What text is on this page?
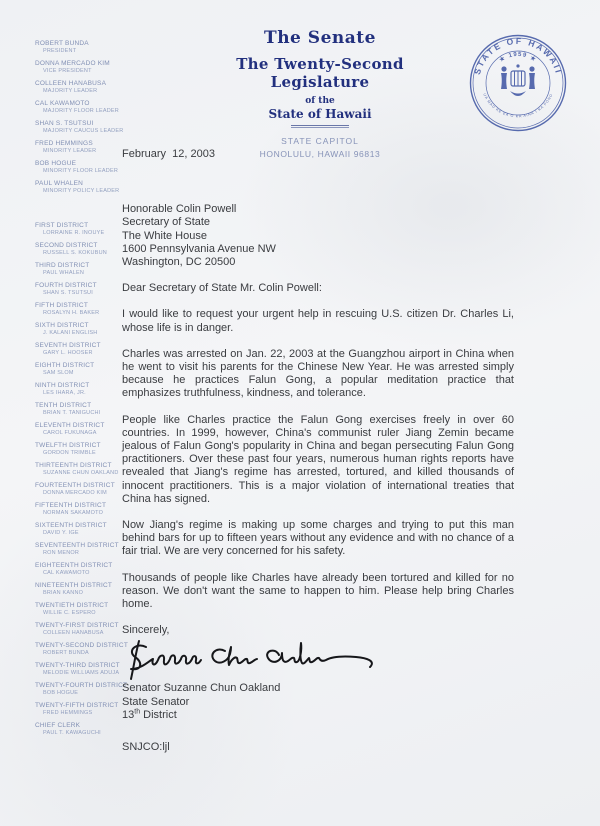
ROBERT BUNDA
PRESIDENT
DONNA MERCADO KIM
VICE PRESIDENT
COLLEEN HANABUSA
MAJORITY LEADER
CAL KAWAMOTO
MAJORITY FLOOR LEADER
SHAN S. TSUTSUI
MAJORITY CAUCUS LEADER
FRED HEMMINGS
MINORITY LEADER
BOB HOGUE
MINORITY FLOOR LEADER
PAUL WHALEN
MINORITY POLICY LEADER
FIRST DISTRICT
LORRAINE R. INOUYE
SECOND DISTRICT
RUSSELL S. KOKUBUN
THIRD DISTRICT
PAUL WHALEN
FOURTH DISTRICT
SHAN S. TSUTSUI
FIFTH DISTRICT
ROSALYN H. BAKER
SIXTH DISTRICT
J. KALANI ENGLISH
SEVENTH DISTRICT
GARY L. HOOSER
EIGHTH DISTRICT
SAM SLOM
NINTH DISTRICT
LES IHARA, JR.
TENTH DISTRICT
BRIAN T. TANIGUCHI
ELEVENTH DISTRICT
CAROL FUKUNAGA
TWELFTH DISTRICT
GORDON TRIMBLE
THIRTEENTH DISTRICT
SUZANNE CHUN OAKLAND
FOURTEENTH DISTRICT
DONNA MERCADO KIM
FIFTEENTH DISTRICT
NORMAN SAKAMOTO
SIXTEENTH DISTRICT
DAVID Y. IGE
SEVENTEENTH DISTRICT
RON MENOR
EIGHTEENTH DISTRICT
CAL KAWAMOTO
NINETEENTH DISTRICT
BRIAN KANNO
TWENTIETH DISTRICT
WILLIE C. ESPERO
TWENTY-FIRST DISTRICT
COLLEEN HANABUSA
TWENTY-SECOND DISTRICT
ROBERT BUNDA
TWENTY-THIRD DISTRICT
MELODIE WILLIAMS ADUJA
TWENTY-FOURTH DISTRICT
BOB HOGUE
TWENTY-FIFTH DISTRICT
FRED HEMMINGS
CHIEF CLERK
PAUL T. KAWAGUCHI
The Senate
The Twenty-Second Legislature
of the
State of Hawaii
STATE CAPITOL
HONOLULU, HAWAII 96813
STATE OF HAWAII
★ 1959 ★
UA MAU KE EA O KA AINA I KA PONO
February  12, 2003
Honorable Colin Powell
Secretary of State
The White House
1600 Pennsylvania Avenue NW
Washington, DC 20500
Dear Secretary of State Mr. Colin Powell:

I would like to request your urgent help in rescuing U.S. citizen Dr. Charles Li, whose life is in danger.

Charles was arrested on Jan. 22, 2003 at the Guangzhou airport in China when he went to visit his parents for the Chinese New Year. He was arrested simply because he practices Falun Gong, a popular meditation practice that emphasizes truthfulness, kindness, and tolerance.

People like Charles practice the Falun Gong exercises freely in over 60 countries. In 1999, however, China's communist ruler Jiang Zemin became jealous of Falun Gong's popularity in China and began persecuting Falun Gong practitioners. Over these past four years, numerous human rights reports have revealed that Jiang's regime has arrested, tortured, and killed thousands of innocent practitioners. This is a major violation of international treaties that China has signed.

Now Jiang's regime is making up some charges and trying to put this man behind bars for up to fifteen years without any evidence and with no chance of a fair trial. We are very concerned for his safety.

Thousands of people like Charles have already been tortured and killed for no reason. We don't want the same to happen to him. Please help bring Charles home.

Sincerely,
Senator Suzanne Chun Oakland
State Senator
13th District
SNJCO:ljl
